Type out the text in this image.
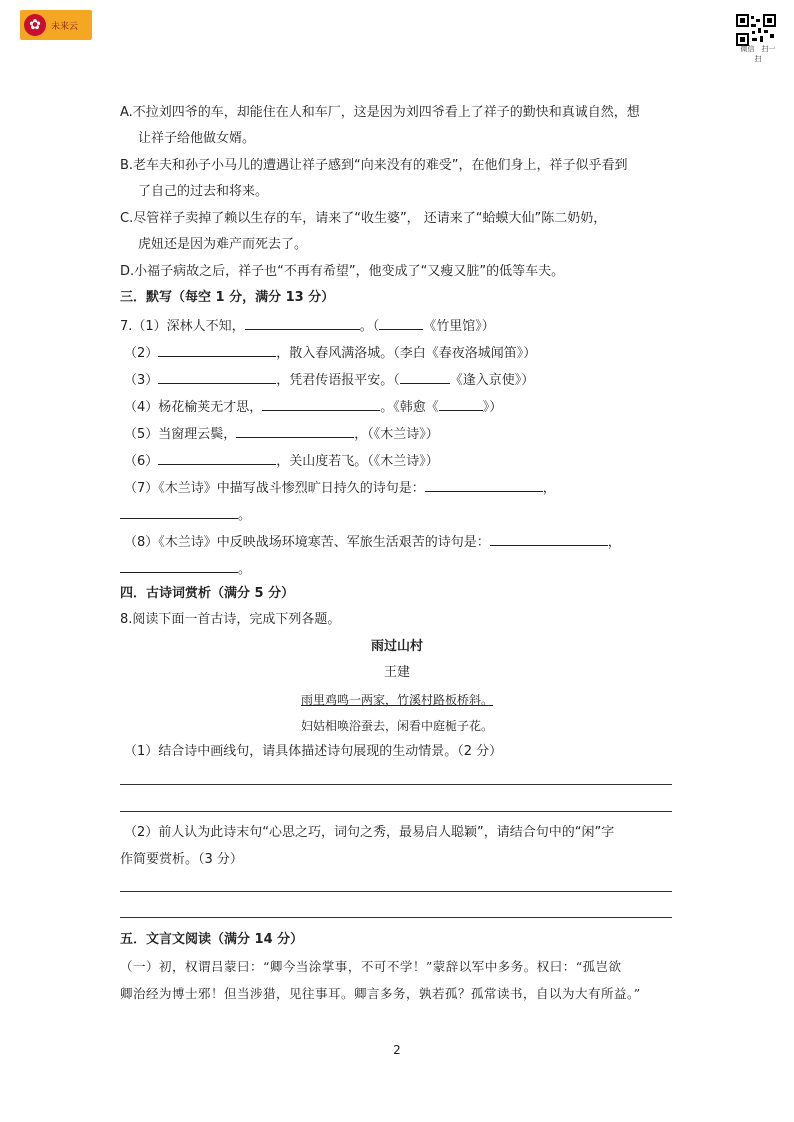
✿	未来云
微信　扫一扫
A.不拉刘四爷的车，却能住在人和车厂，这是因为刘四爷看上了祥子的勤快和真诚自然，想
让祥子给他做女婿。
B.老车夫和孙子小马儿的遭遇让祥子感到“向来没有的难受”，在他们身上，祥子似乎看到
了自己的过去和将来。
C.尽管祥子卖掉了赖以生存的车，请来了“收生婆”， 还请来了“蛤蟆大仙”陈二奶奶，
虎妞还是因为难产而死去了。
D.小福子病故之后，祥子也“不再有希望”，他变成了“又瘦又脏”的低等车夫。
三．默写（每空 1 分，满分 13 分）
7.（1）深林人不知，	。（	《竹里馆》）
（2）	，散入春风满洛城。（李白《春夜洛城闻笛》）
（3）	，凭君传语报平安。（	《逢入京使》）
（4）杨花榆荚无才思，	。《韩愈《	》）
（5）当窗理云鬓，	，（《木兰诗》）
（6）	，关山度若飞。（《木兰诗》）
（7）《木兰诗》中描写战斗惨烈旷日持久的诗句是：	，
。
（8）《木兰诗》中反映战场环境寒苦、军旅生活艰苦的诗句是：	，
。
四．古诗词赏析（满分 5 分）
8.阅读下面一首古诗，完成下列各题。
雨过山村
王建
雨里鸡鸣一两家，竹溪村路板桥斜。
妇姑相唤浴蚕去，闲看中庭栀子花。
（1）结合诗中画线句，请具体描述诗句展现的生动情景。（2 分）
（2）前人认为此诗末句“心思之巧，词句之秀，最易启人聪颖”，请结合句中的“闲”字
作简要赏析。（3 分）
五．文言文阅读（满分 14 分）
（一）初，权谓吕蒙曰：“卿今当涂掌事，不可不学！”蒙辞以军中多务。权曰：“孤岂欲
卿治经为博士邪！但当涉猎，见往事耳。卿言多务，孰若孤？孤常读书，自以为大有所益。”
2
